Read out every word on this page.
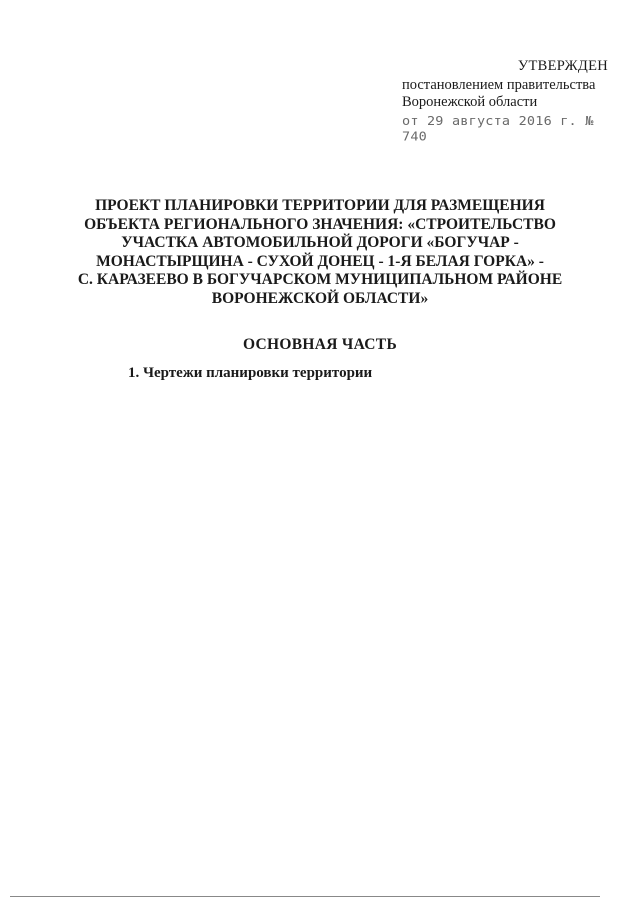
УТВЕРЖДЕН
постановлением правительства
Воронежской области
от 29 августа 2016 г. № 740
ПРОЕКТ ПЛАНИРОВКИ ТЕРРИТОРИИ ДЛЯ РАЗМЕЩЕНИЯ
ОБЪЕКТА РЕГИОНАЛЬНОГО ЗНАЧЕНИЯ: «СТРОИТЕЛЬСТВО
УЧАСТКА АВТОМОБИЛЬНОЙ ДОРОГИ «БОГУЧАР -
МОНАСТЫРЩИНА - СУХОЙ ДОНЕЦ - 1-Я БЕЛАЯ ГОРКА» -
С. КАРАЗЕЕВО В БОГУЧАРСКОМ МУНИЦИПАЛЬНОМ РАЙОНЕ
ВОРОНЕЖСКОЙ ОБЛАСТИ»
ОСНОВНАЯ ЧАСТЬ
1. Чертежи планировки территории
